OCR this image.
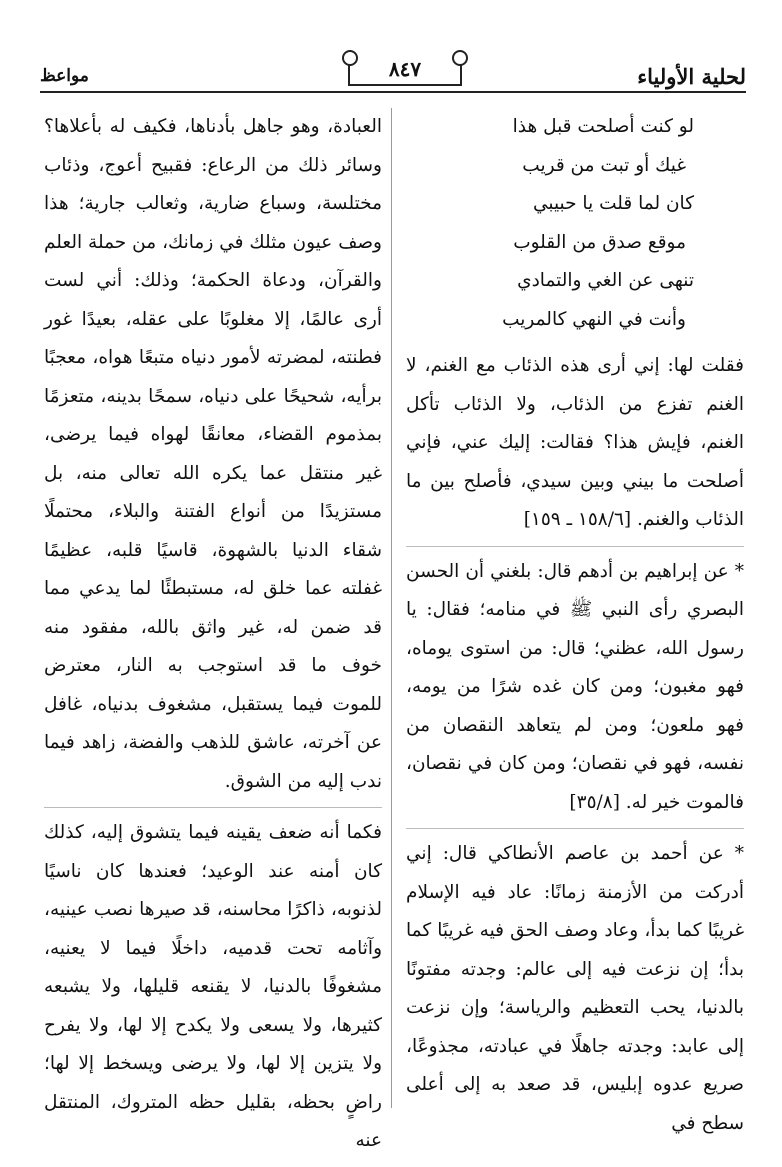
لحلية الأولياء
٨٤٧
مواعظ
لو كنت أصلحت قبل هذا
غيك أو تبت من قريب
كان لما قلت يا حبيبي
موقع صدق من القلوب
تنهى عن الغي والتمادي
وأنت في النهي كالمريب

فقلت لها: إني أرى هذه الذئاب مع الغنم، لا الغنم تفزع من الذئاب، ولا الذئاب تأكل الغنم، فإيش هذا؟ فقالت: إليك عني، فإني أصلحت ما بيني وبين سيدي، فأصلح بين ما الذئاب والغنم. [١٥٨/٦ ـ ١٥٩]

* عن إبراهيم بن أدهم قال: بلغني أن الحسن البصري رأى النبي ﷺ في منامه؛ فقال: يا رسول الله، عظني؛ قال: من استوى يوماه، فهو مغبون؛ ومن كان غده شرًا من يومه، فهو ملعون؛ ومن لم يتعاهد النقصان من نفسه، فهو في نقصان؛ ومن كان في نقصان، فالموت خير له. [٣٥/٨]

* عن أحمد بن عاصم الأنطاكي قال: إني أدركت من الأزمنة زمانًا: عاد فيه الإسلام غريبًا كما بدأ، وعاد وصف الحق فيه غريبًا كما بدأ؛ إن نزعت فيه إلى عالم: وجدته مفتونًا بالدنيا، يحب التعظيم والرياسة؛ وإن نزعت إلى عابد: وجدته جاهلًا في عبادته، مجذوعًا، صريع عدوه إبليس، قد صعد به إلى أعلى سطح في

العبادة، وهو جاهل بأدناها، فكيف له بأعلاها؟ وسائر ذلك من الرعاع: فقبيح أعوج، وذئاب مختلسة، وسباع ضارية، وثعالب جارية؛ هذا وصف عيون مثلك في زمانك، من حملة العلم والقرآن، ودعاة الحكمة؛ وذلك: أني لست أرى عالمًا، إلا مغلوبًا على عقله، بعيدًا غور فطنته، لمضرته لأمور دنياه متبعًا هواه، معجبًا برأيه، شحيحًا على دنياه، سمحًا بدينه، متعزمًا بمذموم القضاء، معانقًا لهواه فيما يرضى، غير منتقل عما يكره الله تعالى منه، بل مستزيدًا من أنواع الفتنة والبلاء، محتملًا شقاء الدنيا بالشهوة، قاسيًا قلبه، عظيمًا غفلته عما خلق له، مستبطئًا لما يدعي مما قد ضمن له، غير واثق بالله، مفقود منه خوف ما قد استوجب به النار، معترض للموت فيما يستقبل، مشغوف بدنياه، غافل عن آخرته، عاشق للذهب والفضة، زاهد فيما ندب إليه من الشوق.

فكما أنه ضعف يقينه فيما يتشوق إليه، كذلك كان أمنه عند الوعيد؛ فعندها كان ناسيًا لذنوبه، ذاكرًا محاسنه، قد صيرها نصب عينيه، وآثامه تحت قدميه، داخلًا فيما لا يعنيه، مشغوفًا بالدنيا، لا يقنعه قليلها، ولا يشبعه كثيرها، ولا يسعى ولا يكدح إلا لها، ولا يفرح ولا يتزين إلا لها، ولا يرضى ويسخط إلا لها؛ راضٍ بحظه، بقليل حظه المتروك، المنتقل عنه
